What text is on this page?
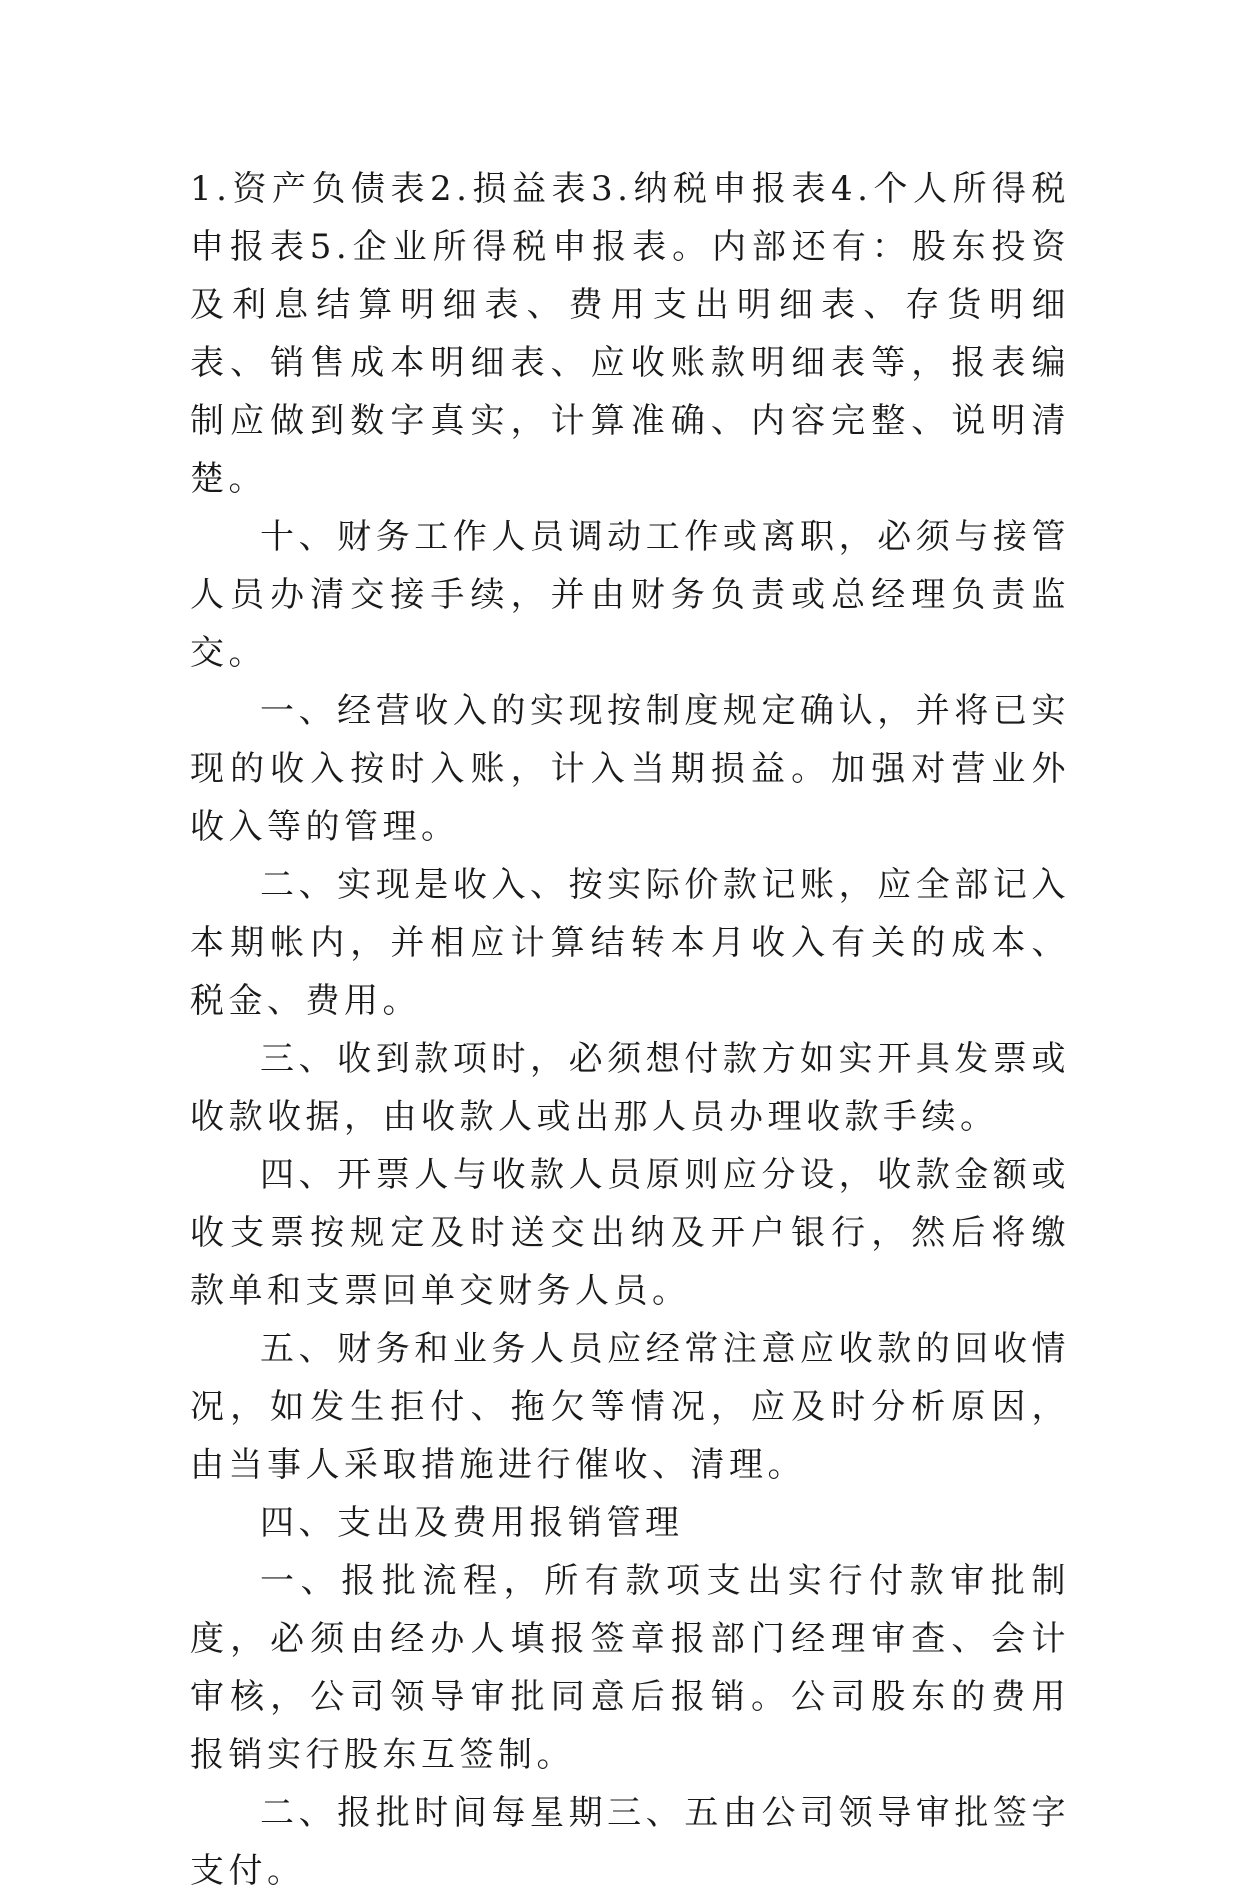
1.资产负债表2.损益表3.纳税申报表4.个人所得税申报表5.企业所得税申报表。内部还有：股东投资及利息结算明细表、费用支出明细表、存货明细表、销售成本明细表、应收账款明细表等，报表编制应做到数字真实，计算准确、内容完整、说明清楚。

十、财务工作人员调动工作或离职，必须与接管人员办清交接手续，并由财务负责或总经理负责监交。

一、经营收入的实现按制度规定确认，并将已实现的收入按时入账，计入当期损益。加强对营业外收入等的管理。

二、实现是收入、按实际价款记账，应全部记入本期帐内，并相应计算结转本月收入有关的成本、税金、费用。

三、收到款项时，必须想付款方如实开具发票或收款收据，由收款人或出那人员办理收款手续。

四、开票人与收款人员原则应分设，收款金额或收支票按规定及时送交出纳及开户银行，然后将缴款单和支票回单交财务人员。

五、财务和业务人员应经常注意应收款的回收情况，如发生拒付、拖欠等情况，应及时分析原因，由当事人采取措施进行催收、清理。

四、支出及费用报销管理

一、报批流程，所有款项支出实行付款审批制度，必须由经办人填报签章报部门经理审查、会计审核，公司领导审批同意后报销。公司股东的费用报销实行股东互签制。

二、报批时间每星期三、五由公司领导审批签字支付。
